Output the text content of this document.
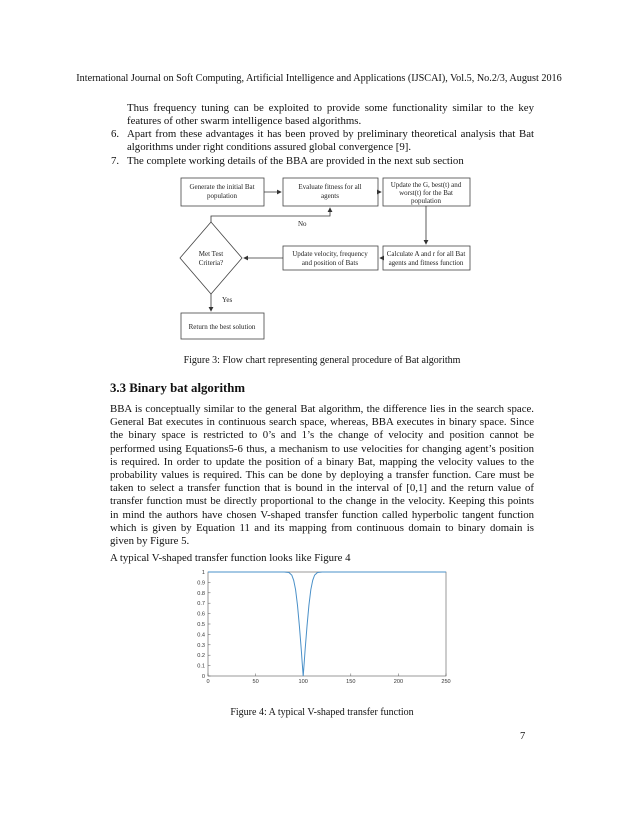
International Journal on Soft Computing, Artificial Intelligence and Applications (IJSCAI), Vol.5, No.2/3, August 2016
Thus frequency tuning can be exploited to provide some functionality similar to the key features of other swarm intelligence based algorithms.
6. Apart from these advantages it has been proved by preliminary theoretical analysis that Bat algorithms under right conditions assured global convergence [9].
7. The complete working details of the BBA are provided in the next sub section
Generate the initial Bat
population
Evaluate fitness for all
agents
Update the G, best(t) and
worst(t) for the Bat
population
Calculate A and r for all Bat
agents and fitness function
Update velocity, frequency
and position of Bats
Met Test
Criteria?
Return the best solution
No
Yes
Figure 3: Flow chart representing general procedure of Bat algorithm
3.3 Binary bat algorithm
BBA is conceptually similar to the general Bat algorithm, the difference lies in the search space. General Bat executes in continuous search space, whereas, BBA executes in binary space. Since the binary space is restricted to 0’s and 1’s the change of velocity and position cannot be performed using Equations5-6 thus, a mechanism to use velocities for changing agent’s position is required. In order to update the position of a binary Bat, mapping the velocity values to the probability values is required. This can be done by deploying a transfer function. Care must be taken to select a transfer function that is bound in the interval of [0,1] and the return value of transfer function must be directly proportional to the change in the velocity. Keeping this points in mind the authors have chosen V-shaped transfer function called hyperbolic tangent function which is given by Equation 11 and its mapping from continuous domain to binary domain is given by Figure 5.
A typical V-shaped transfer function looks like Figure 4
0
0.1
0.2
0.3
0.4
0.5
0.6
0.7
0.8
0.9
1
0	50	100	150	200	250
Figure 4: A typical V-shaped transfer function
7
